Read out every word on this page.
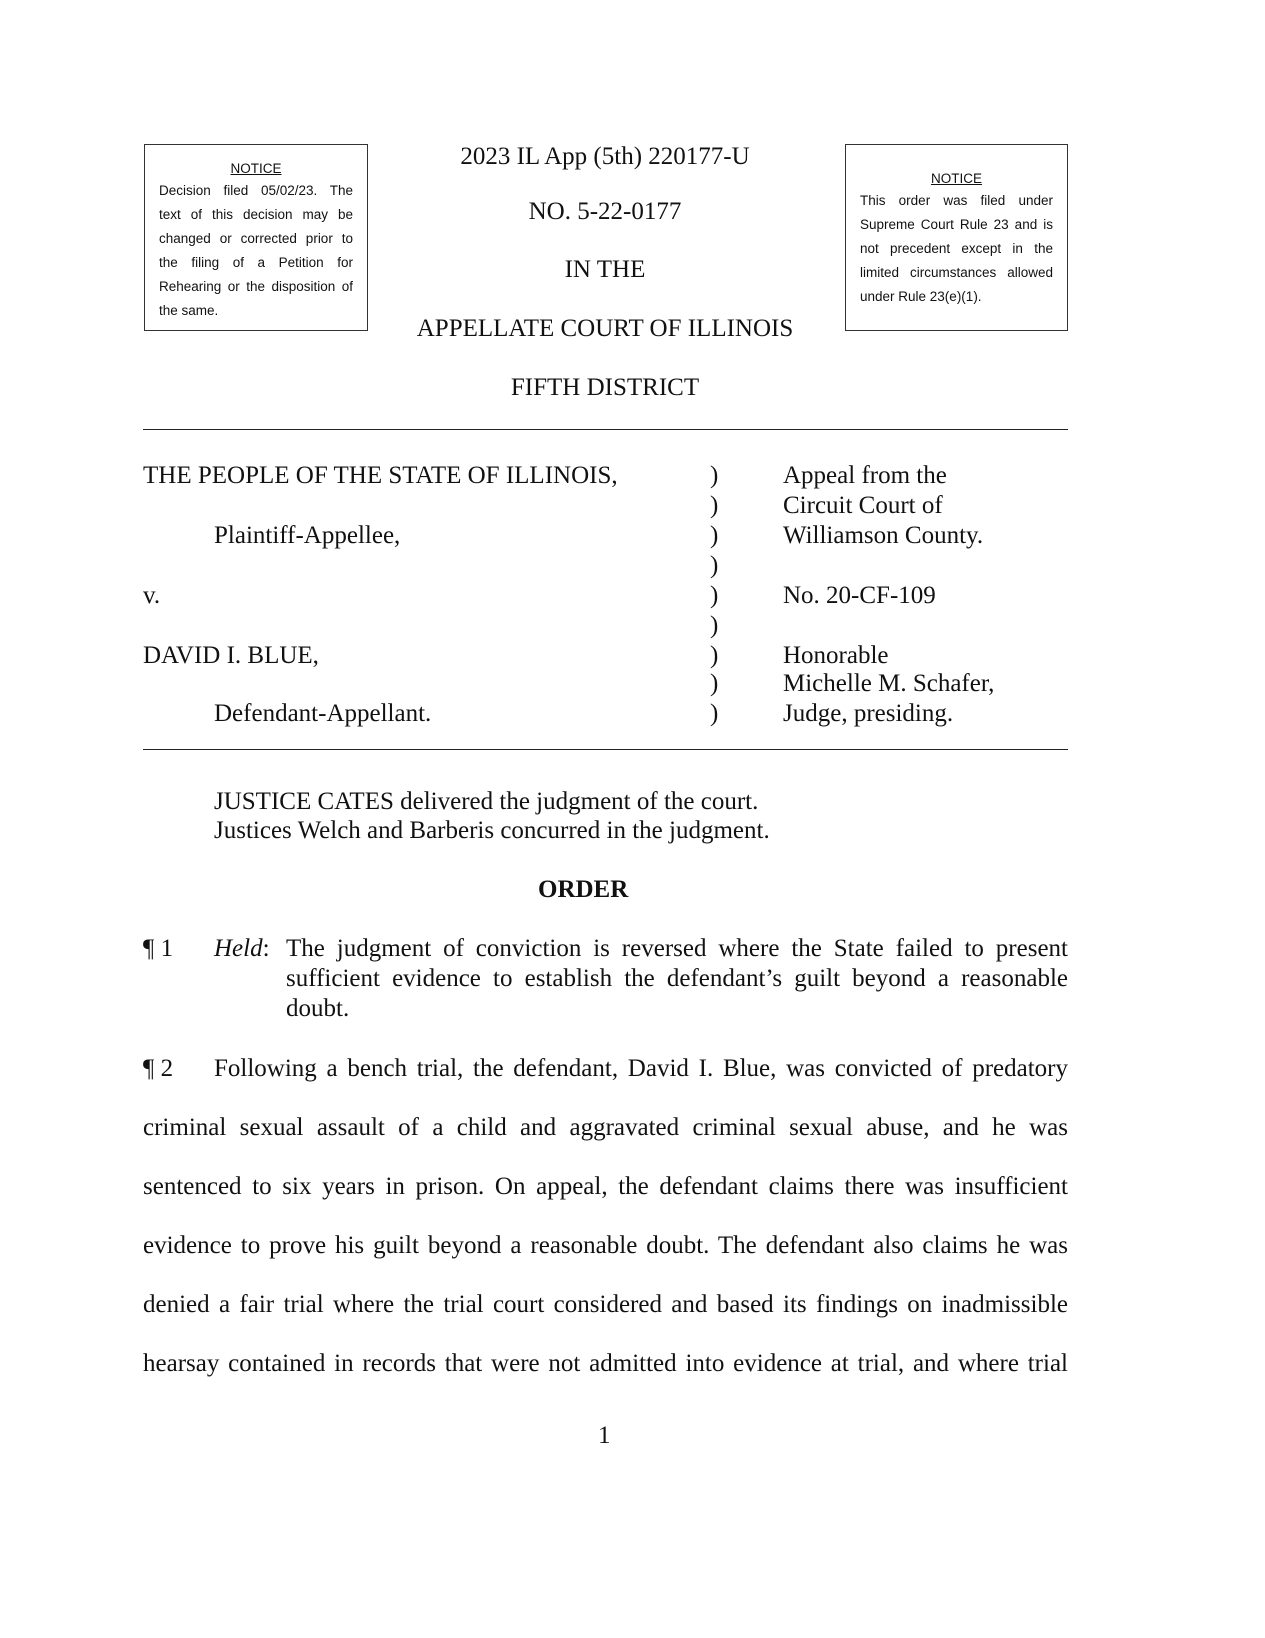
NOTICE
Decision filed 05/02/23. The
text of this decision may be
changed or corrected prior to
the filing of a Petition for
Rehearing or the disposition of
the same.
NOTICE
This order was filed under
Supreme Court Rule 23 and is
not precedent except in the
limited circumstances allowed
under Rule 23(e)(1).
2023 IL App (5th) 220177-U
NO. 5-22-0177
IN THE
APPELLATE COURT OF ILLINOIS
FIFTH DISTRICT
THE PEOPLE OF THE STATE OF ILLINOIS,
Plaintiff-Appellee,
v.
DAVID I. BLUE,
Defendant-Appellant.
)
)
)
)
)
)
)
)
)
Appeal from the
Circuit Court of
Williamson County.
No. 20-CF-109
Honorable
Michelle M. Schafer,
Judge, presiding.
JUSTICE CATES delivered the judgment of the court.
Justices Welch and Barberis concurred in the judgment.
ORDER
¶ 1 Held: The judgment of conviction is reversed where the State failed to present
sufficient evidence to establish the defendant’s guilt beyond a reasonable
doubt.
¶ 2 Following a bench trial, the defendant, David I. Blue, was convicted of predatory
criminal sexual assault of a child and aggravated criminal sexual abuse, and he was
sentenced to six years in prison. On appeal, the defendant claims there was insufficient
evidence to prove his guilt beyond a reasonable doubt. The defendant also claims he was
denied a fair trial where the trial court considered and based its findings on inadmissible
hearsay contained in records that were not admitted into evidence at trial, and where trial
1
